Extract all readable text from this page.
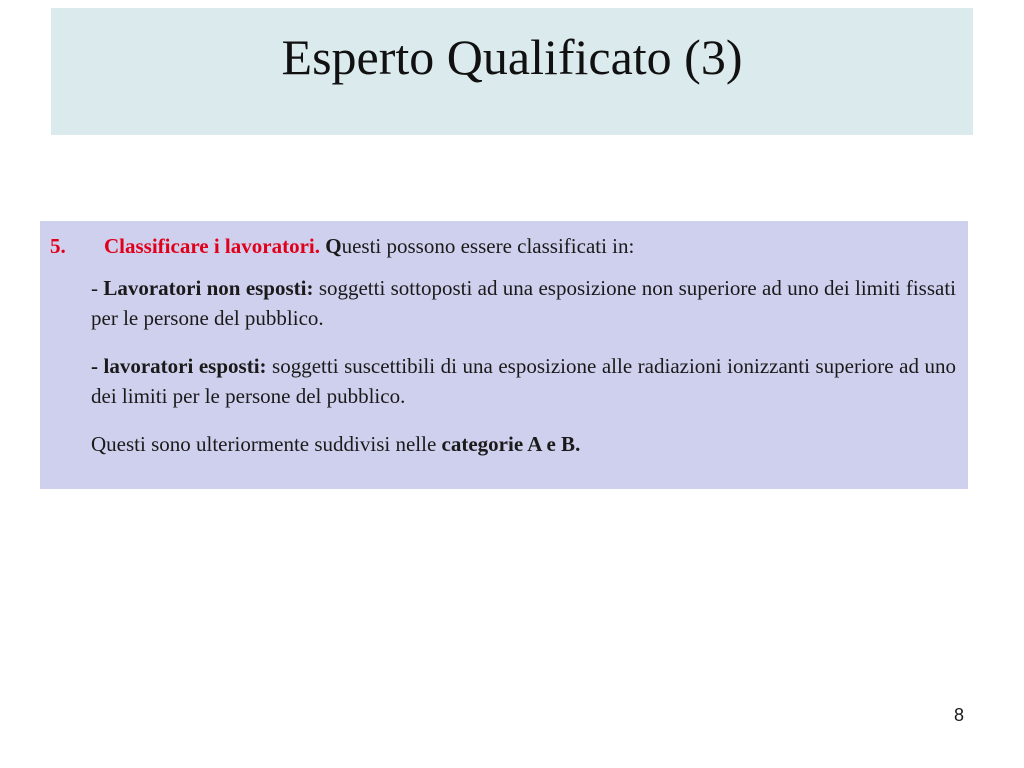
Esperto Qualificato (3)
5.	Classificare i lavoratori. Questi possono essere classificati in:
- Lavoratori non esposti: soggetti sottoposti ad una esposizione non superiore ad uno dei limiti fissati per le persone del pubblico.
- lavoratori esposti: soggetti suscettibili di una esposizione alle radiazioni ionizzanti superiore ad uno dei limiti per le persone del pubblico.
Questi sono ulteriormente suddivisi nelle categorie A e B.
8
